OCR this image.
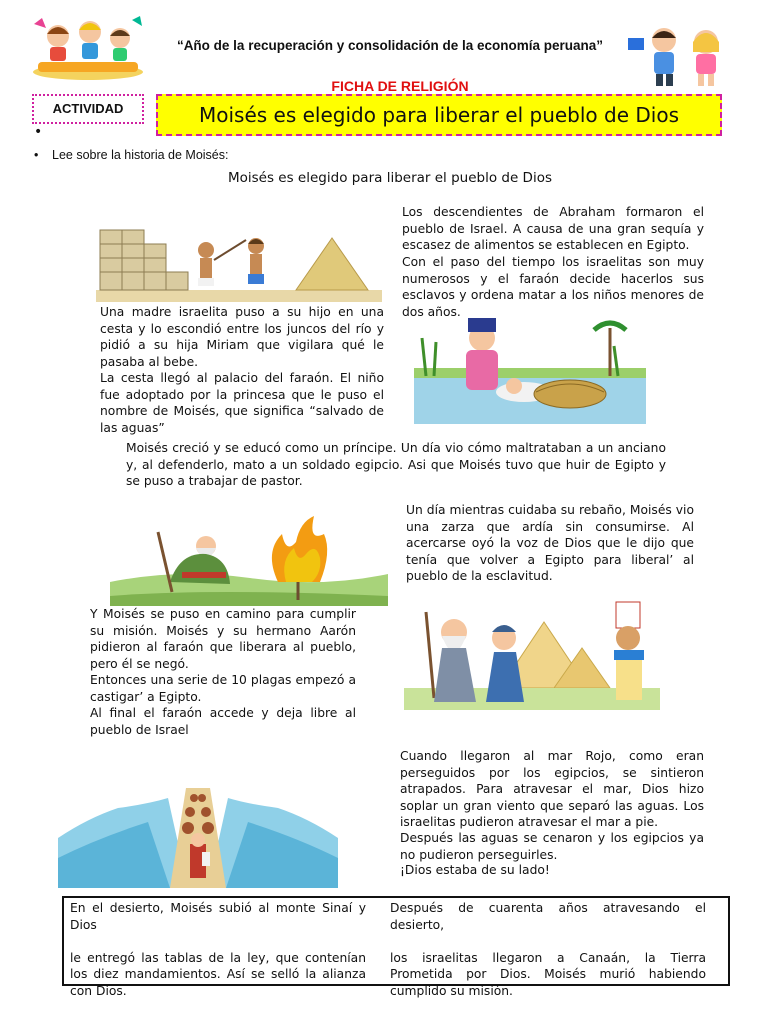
“Año de la recuperación y consolidación de la economía peruana”
FICHA DE RELIGIÓN
ACTIVIDAD	Moisés es elegido para liberar el pueblo de Dios
•
• Lee sobre la historia de Moisés:
Moisés es elegido para liberar el pueblo de Dios
Los descendientes de Abraham formaron el pueblo de Israel. A causa de una gran sequía y escasez de alimentos se establecen en Egipto.
Con el paso del tiempo los israelitas son muy numerosos y el faraón decide hacerlos sus esclavos y ordena matar a los niños menores de dos años.
Una madre israelita puso a su hijo en una cesta y lo escondió entre los juncos del río y pidió a su hija Miriam que vigilara qué le pasaba al bebe.
La cesta llegó al palacio del faraón. El niño fue adoptado por la princesa que le puso el nombre de Moisés, que significa “salvado de las aguas”
Moisés creció y se educó como un príncipe. Un día vio cómo maltrataban a un anciano y, al defenderlo, mato a un soldado egipcio. Asi que Moisés tuvo que huir de Egipto y se puso a trabajar de pastor.
Un día mientras cuidaba su rebaño, Moisés vio una zarza que ardía sin consumirse. Al acercarse oyó la voz de Dios que le dijo que tenía que volver a Egipto para liberal’ al pueblo de la esclavitud.
Y Moisés se puso en camino para cumplir su misión. Moisés y su hermano Aarón pidieron al faraón que liberara al pueblo, pero él se negó.
Entonces una serie de 10 plagas empezó a castigar’ a Egipto.
Al final el faraón accede y deja libre al pueblo de Israel
Cuando llegaron al mar Rojo, como eran perseguidos por los egipcios, se sintieron atrapados. Para atravesar el mar, Dios hizo soplar un gran viento que separó las aguas. Los israelitas pudieron atravesar el mar a pie.
Después las aguas se cenaron y los egipcios ya no pudieron perseguirles.
¡Dios estaba de su lado!
En el desierto, Moisés subió al monte Sinaí y Dios
le entregó las tablas de la ley, que contenían los diez mandamientos. Así se selló la alianza con Dios.
Después de cuarenta años atravesando el desierto,
los israelitas llegaron a Canaán, la Tierra Prometida por Dios. Moisés murió habiendo cumplido su misión.
